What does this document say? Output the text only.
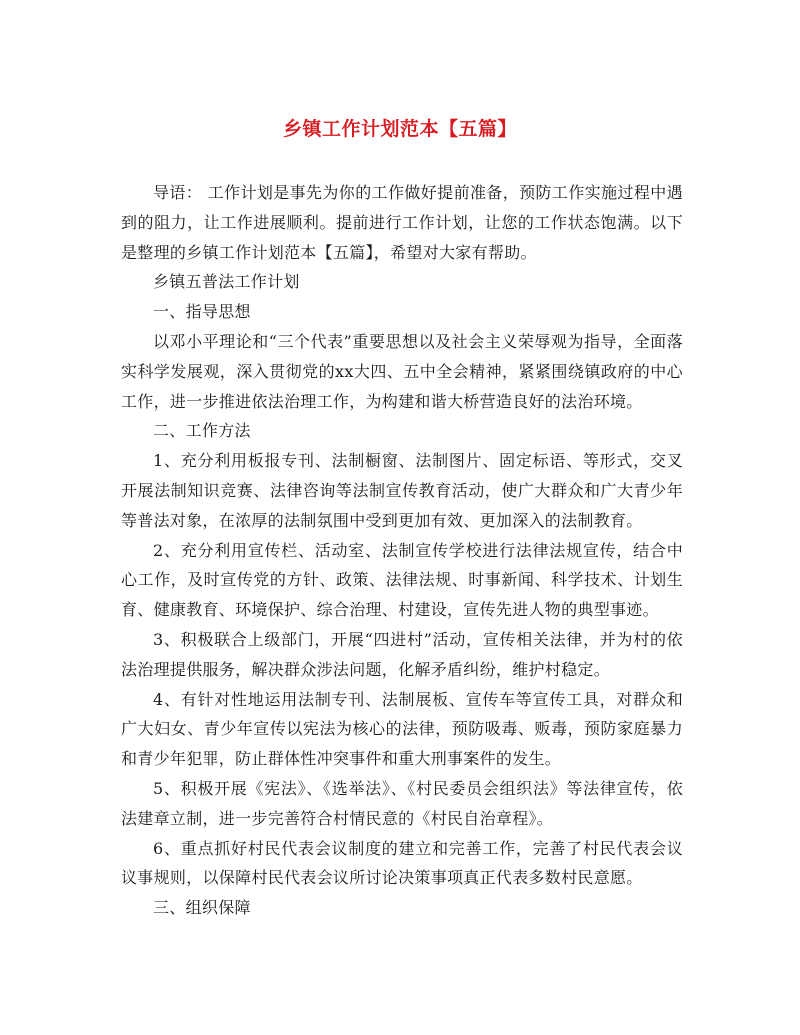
乡镇工作计划范本【五篇】

导语： 工作计划是事先为你的工作做好提前准备，预防工作实施过程中遇到的阻力，让工作进展顺利。提前进行工作计划，让您的工作状态饱满。以下是整理的乡镇工作计划范本【五篇】，希望对大家有帮助。

乡镇五普法工作计划

一、指导思想

以邓小平理论和“三个代表”重要思想以及社会主义荣辱观为指导，全面落实科学发展观，深入贯彻党的xx大四、五中全会精神，紧紧围绕镇政府的中心工作，进一步推进依法治理工作，为构建和谐大桥营造良好的法治环境。

二、工作方法

1、充分利用板报专刊、法制橱窗、法制图片、固定标语、等形式，交叉开展法制知识竞赛、法律咨询等法制宣传教育活动，使广大群众和广大青少年等普法对象，在浓厚的法制氛围中受到更加有效、更加深入的法制教育。

2、充分利用宣传栏、活动室、法制宣传学校进行法律法规宣传，结合中心工作，及时宣传党的方针、政策、法律法规、时事新闻、科学技术、计划生育、健康教育、环境保护、综合治理、村建设，宣传先进人物的典型事迹。

3、积极联合上级部门，开展“四进村”活动，宣传相关法律，并为村的依法治理提供服务，解决群众涉法问题，化解矛盾纠纷，维护村稳定。

4、有针对性地运用法制专刊、法制展板、宣传车等宣传工具，对群众和广大妇女、青少年宣传以宪法为核心的法律，预防吸毒、贩毒，预防家庭暴力和青少年犯罪，防止群体性冲突事件和重大刑事案件的发生。

5、积极开展《宪法》、《选举法》、《村民委员会组织法》等法律宣传，依法建章立制，进一步完善符合村情民意的《村民自治章程》。

6、重点抓好村民代表会议制度的建立和完善工作，完善了村民代表会议议事规则，以保障村民代表会议所讨论决策事项真正代表多数村民意愿。

三、组织保障
